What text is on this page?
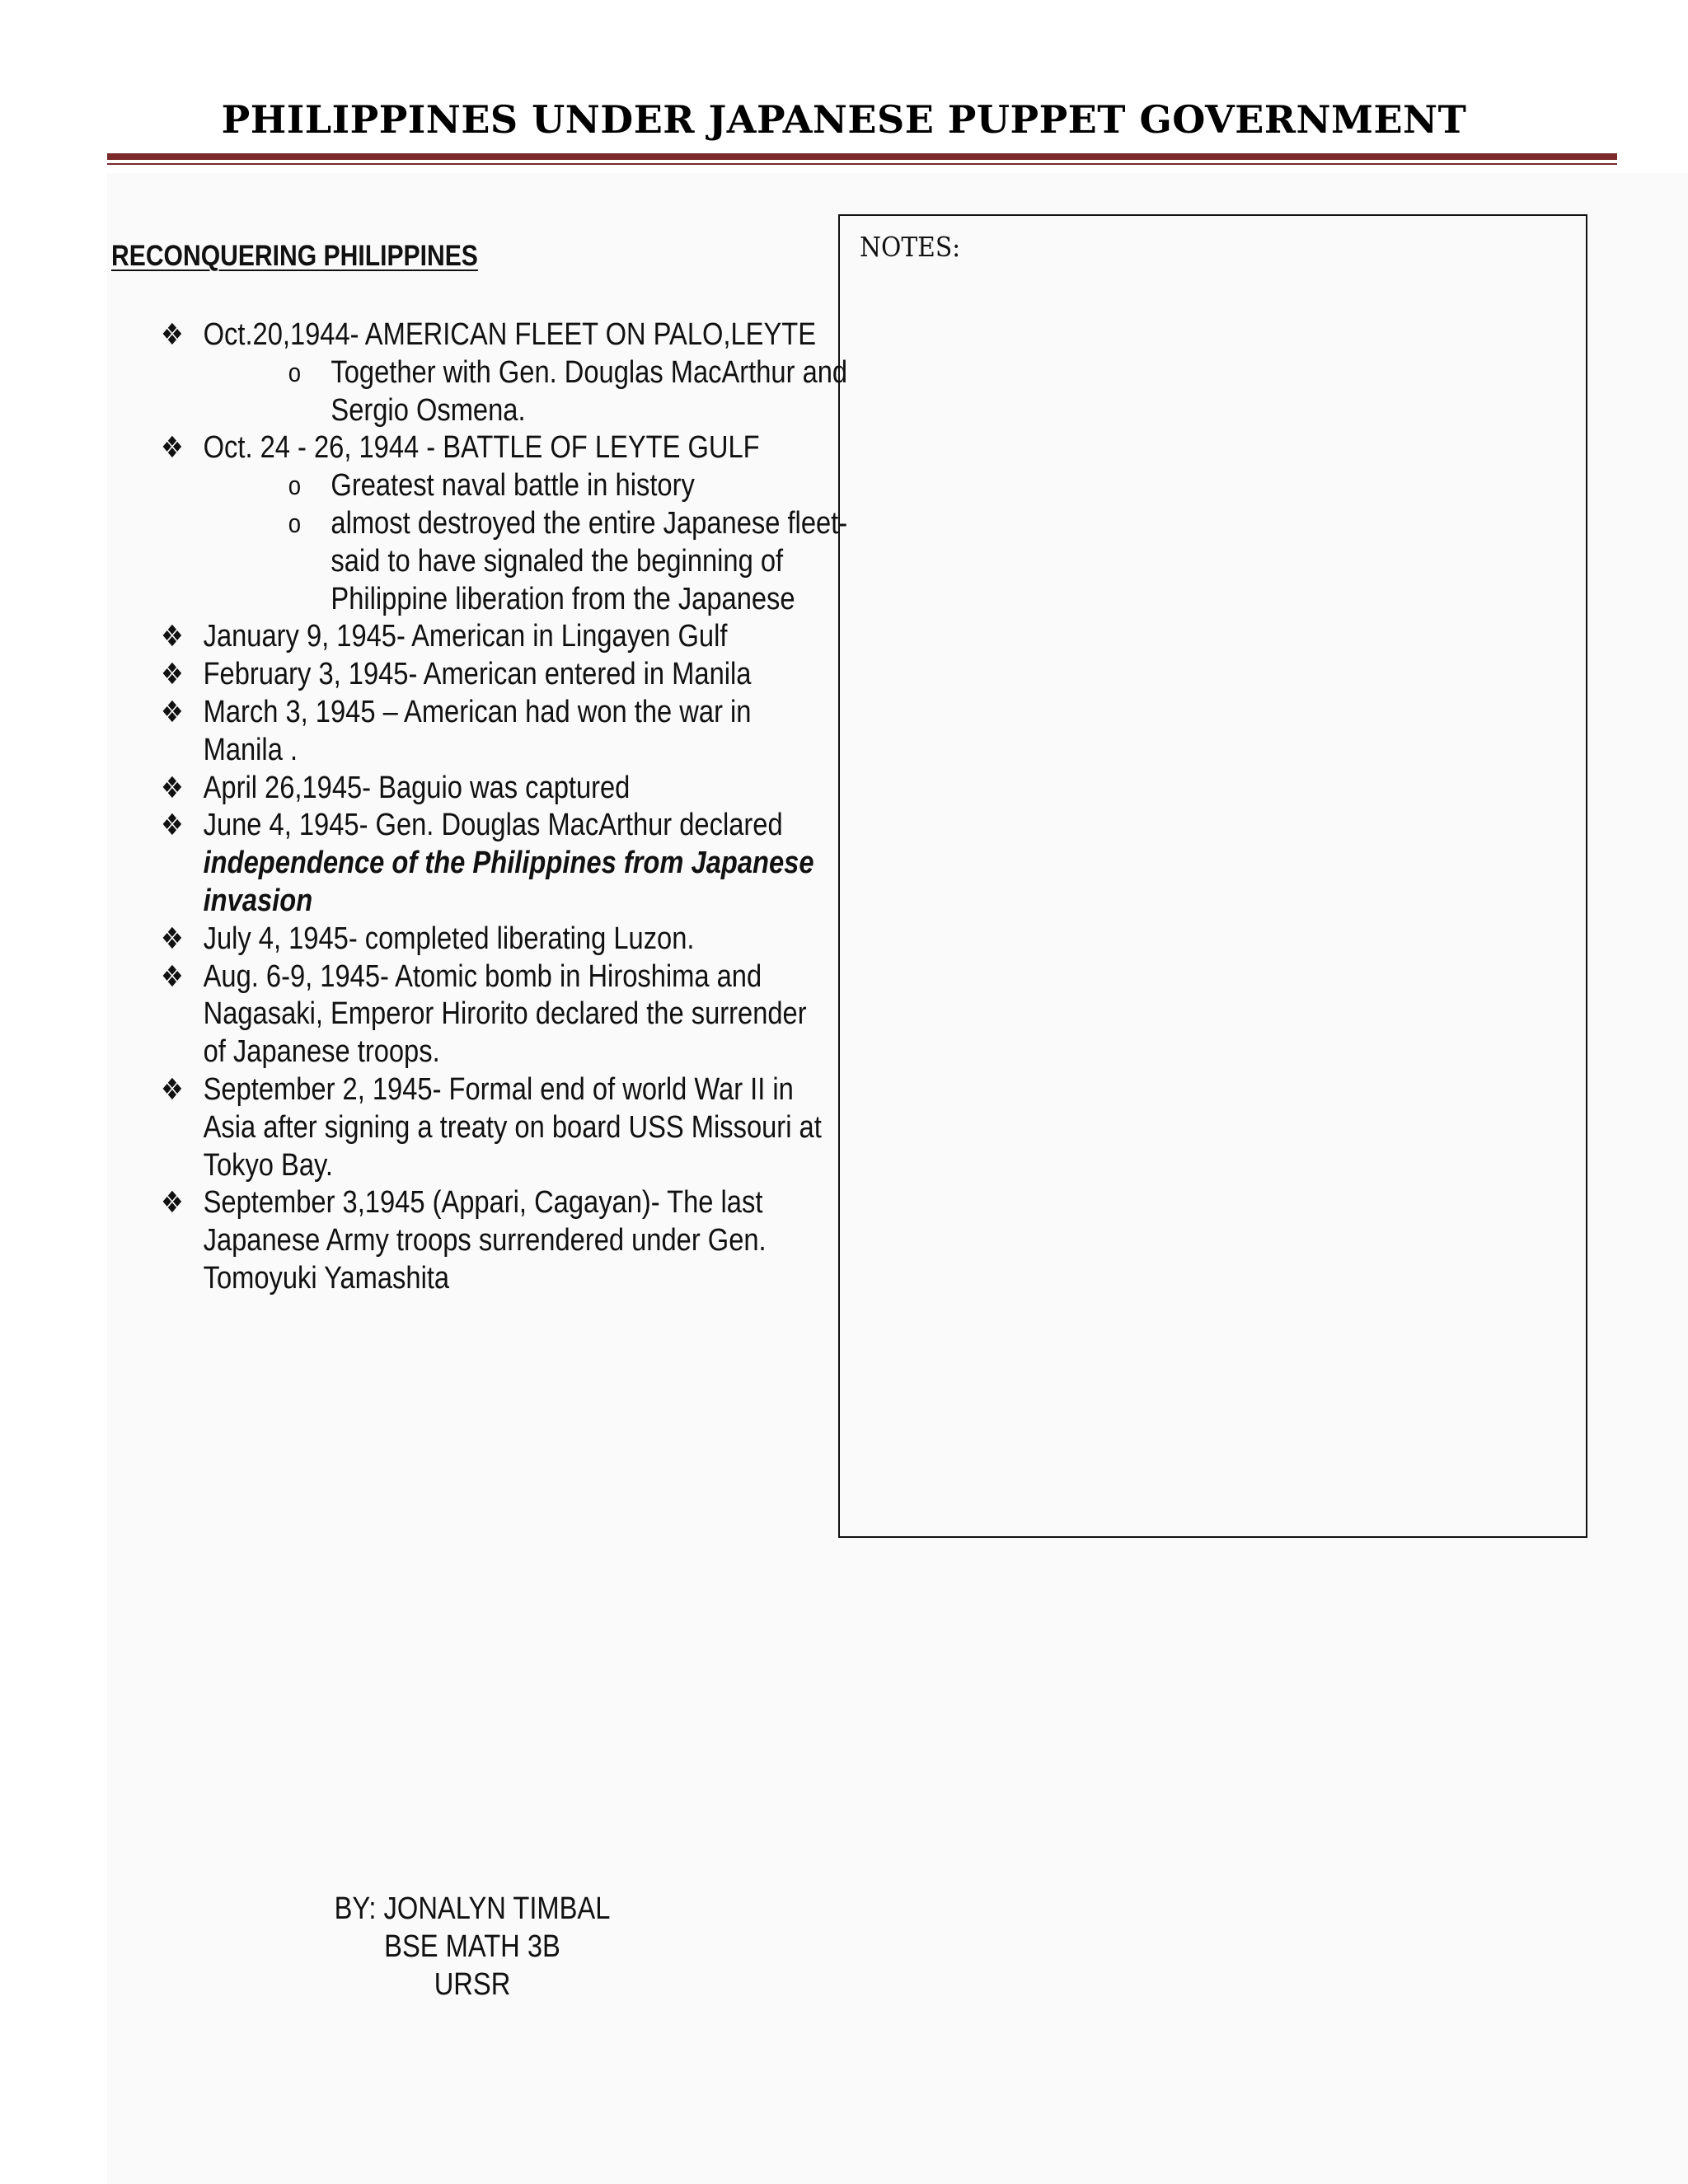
PHILIPPINES UNDER JAPANESE PUPPET GOVERNMENT
RECONQUERING PHILIPPINES
❖ Oct.20,1944- AMERICAN FLEET ON PALO,LEYTE
o Together with Gen. Douglas MacArthur and
Sergio Osmena.
❖ Oct. 24 - 26, 1944 - BATTLE OF LEYTE GULF
o Greatest naval battle in history
o almost destroyed the entire Japanese fleet-
said to have signaled the beginning of
Philippine liberation from the Japanese
❖ January 9, 1945- American in Lingayen Gulf
❖ February 3, 1945- American entered in Manila
❖ March 3, 1945 – American had won the war in
Manila .
❖ April 26,1945- Baguio was captured
❖ June 4, 1945- Gen. Douglas MacArthur declared
independence of the Philippines from Japanese
invasion
❖ July 4, 1945- completed liberating Luzon.
❖ Aug. 6-9, 1945- Atomic bomb in Hiroshima and
Nagasaki, Emperor Hirorito declared the surrender
of Japanese troops.
❖ September 2, 1945- Formal end of world War II in
Asia after signing a treaty on board USS Missouri at
Tokyo Bay.
❖ September 3,1945 (Appari, Cagayan)- The last
Japanese Army troops surrendered under Gen.
Tomoyuki Yamashita
NOTES:
BY: JONALYN TIMBAL
BSE MATH 3B
URSR
